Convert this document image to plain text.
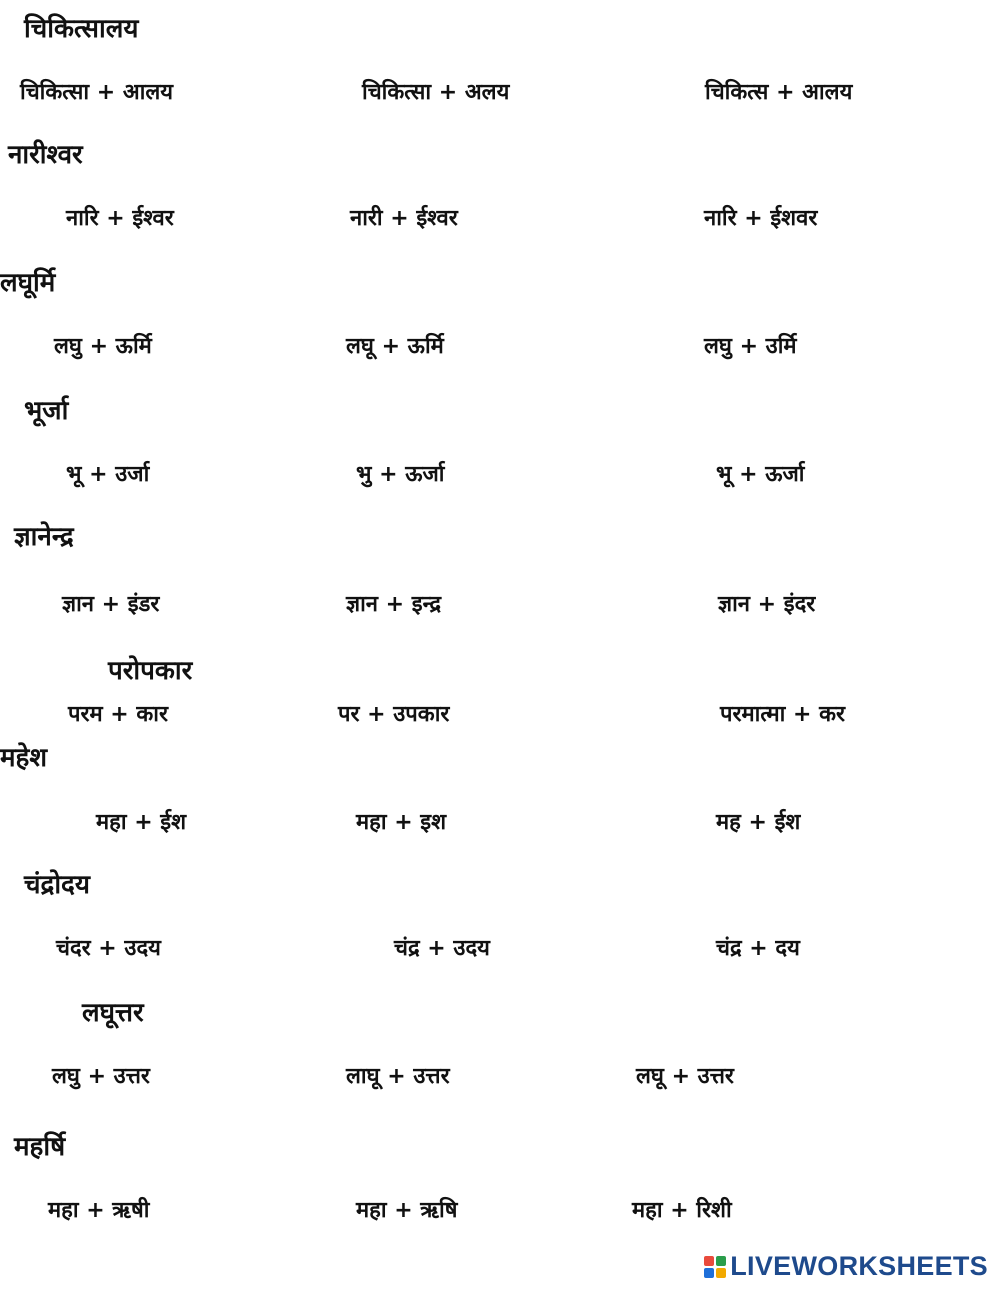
चिकित्सालय
चिकित्सा + आलय	चिकित्सा + अलय	चिकित्स + आलय
नारीश्वर
नारि + ईश्वर	नारी + ईश्वर	नारि + ईशवर
लघूर्मि
लघु + ऊर्मि	लघू + ऊर्मि	लघु + उर्मि
भूर्जा
भू + उर्जा	भु + ऊर्जा	भू + ऊर्जा
ज्ञानेन्द्र
ज्ञान + इंडर	ज्ञान + इन्द्र	ज्ञान + इंदर
परोपकार
परम + कार	पर + उपकार	परमात्मा + कर
महेश
महा + ईश	महा + इश	मह + ईश
चंद्रोदय
चंदर + उदय	चंद्र + उदय	चंद्र + दय
लघूत्तर
लघु + उत्तर	लाघू + उत्तर	लघू + उत्तर
महर्षि
महा + ऋषी	महा + ऋषि	महा + रिशी
LIVEWORKSHEETS
